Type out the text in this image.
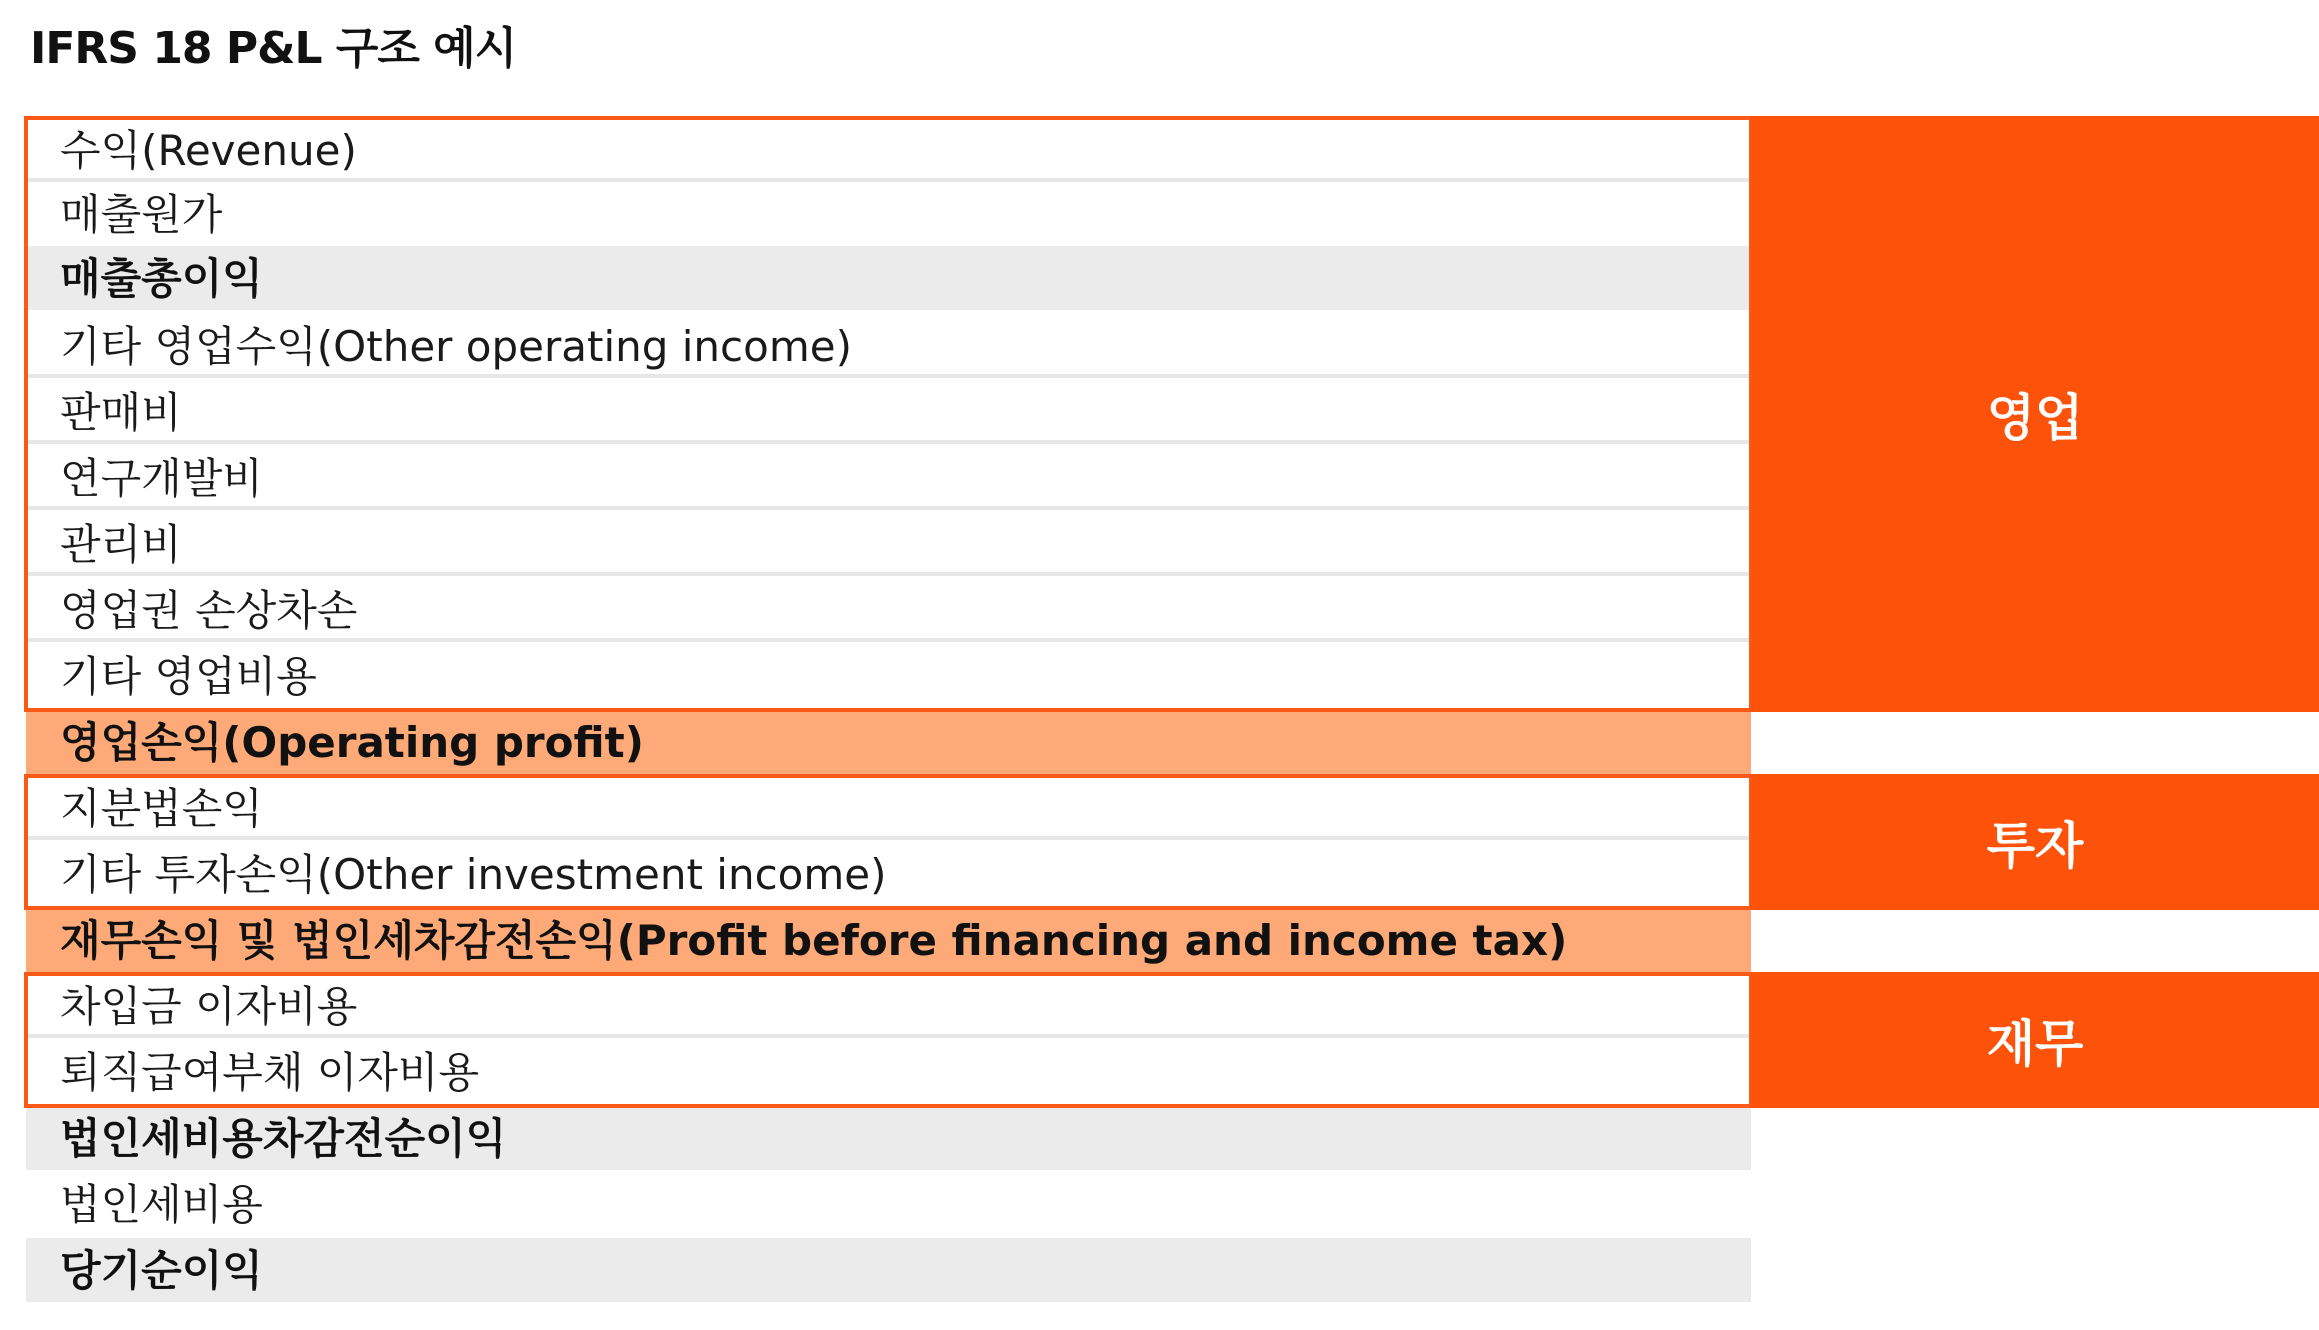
IFRS 18 P&L 구조 예시
수익(Revenue)
매출원가
매출총이익
기타 영업수익(Other operating income)
판매비
연구개발비
관리비
영업권 손상차손
기타 영업비용
영업손익(Operating profit)
지분법손익
기타 투자손익(Other investment income)
재무손익 및 법인세차감전손익(Profit before financing and income tax)
차입금 이자비용
퇴직급여부채 이자비용
법인세비용차감전순이익
법인세비용
당기순이익
영업
투자
재무
